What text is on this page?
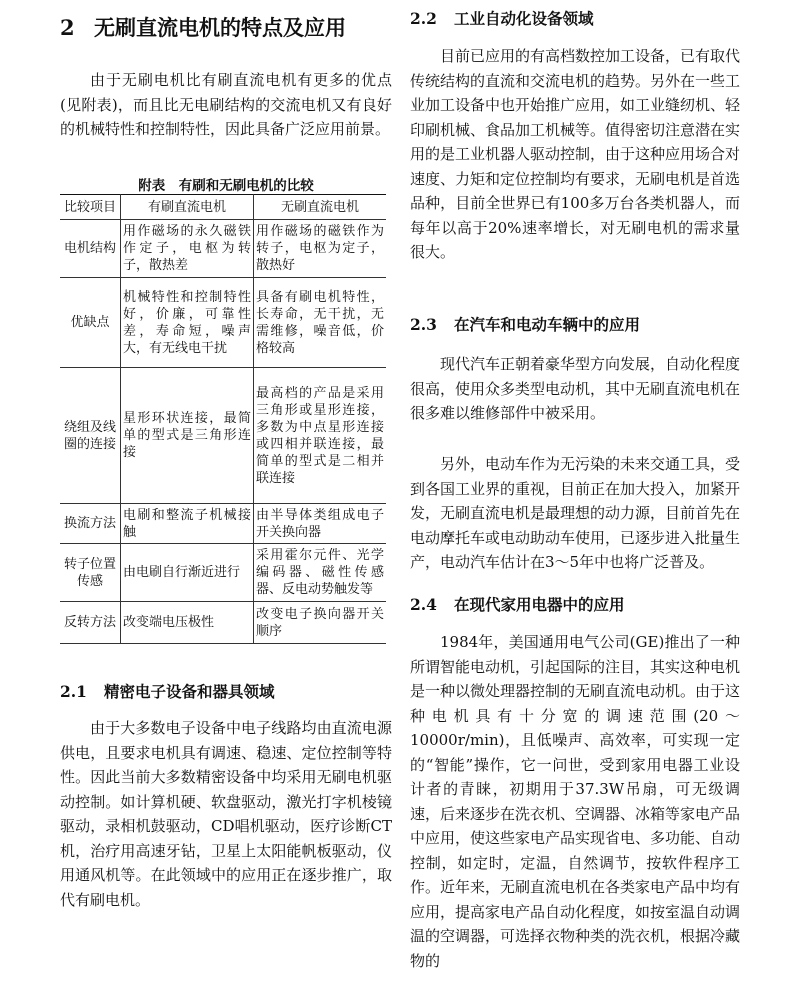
2 无刷直流电机的特点及应用

由于无刷电机比有刷直流电机有更多的优点(见附表)，而且比无电刷结构的交流电机又有良好的机械特性和控制特性，因此具备广泛应用前景。

附表　有刷和无刷电机的比较
比较项目	有刷直流电机	无刷直流电机
电机结构	用作磁场的永久磁铁作定子，电枢为转子，散热差	用作磁场的磁铁作为转子，电枢为定子，散热好
优缺点	机械特性和控制特性好，价廉，可靠性差，寿命短，噪声大，有无线电干扰	具备有刷电机特性，长寿命，无干扰，无需维修，噪音低，价格较高
绕组及线圈的连接	星形环状连接，最简单的型式是三角形连接	最高档的产品是采用三角形或星形连接，多数为中点星形连接或四相并联连接，最简单的型式是二相并联连接
换流方法	电刷和整流子机械接触	由半导体类组成电子开关换向器
转子位置传感	由电刷自行渐近进行	采用霍尔元件、光学编码器、磁性传感器、反电动势触发等
反转方法	改变端电压极性	改变电子换向器开关顺序
2.1 精密电子设备和器具领域

由于大多数电子设备中电子线路均由直流电源供电，且要求电机具有调速、稳速、定位控制等特性。因此当前大多数精密设备中均采用无刷电机驱动控制。如计算机硬、软盘驱动，激光打字机棱镜驱动，录相机鼓驱动，CD唱机驱动，医疗诊断CT机，治疗用高速牙钻，卫星上太阳能帆板驱动，仪用通风机等。在此领域中的应用正在逐步推广，取代有刷电机。

2.2 工业自动化设备领域

目前已应用的有高档数控加工设备，已有取代传统结构的直流和交流电机的趋势。另外在一些工业加工设备中也开始推广应用，如工业缝纫机、轻印刷机械、食品加工机械等。值得密切注意潜在实用的是工业机器人驱动控制，由于这种应用场合对速度、力矩和定位控制均有要求，无刷电机是首选品种，目前全世界已有100多万台各类机器人，而每年以高于20%速率增长，对无刷电机的需求量很大。

2.3 在汽车和电动车辆中的应用

现代汽车正朝着豪华型方向发展，自动化程度很高，使用众多类型电动机，其中无刷直流电机在很多难以维修部件中被采用。

另外，电动车作为无污染的未来交通工具，受到各国工业界的重视，目前正在加大投入，加紧开发，无刷直流电机是最理想的动力源，目前首先在电动摩托车或电动助动车使用，已逐步进入批量生产，电动汽车估计在3～5年中也将广泛普及。

2.4 在现代家用电器中的应用

1984年，美国通用电气公司(GE)推出了一种所谓智能电动机，引起国际的注目，其实这种电机是一种以微处理器控制的无刷直流电动机。由于这种电机具有十分宽的调速范围(20～10000r/min)，且低噪声、高效率，可实现一定的“智能”操作，它一问世，受到家用电器工业设计者的青睐，初期用于37.3W吊扇，可无级调速，后来逐步在洗衣机、空调器、冰箱等家电产品中应用，使这些家电产品实现省电、多功能、自动控制，如定时，定温，自然调节，按软件程序工作。近年来，无刷直流电机在各类家电产品中均有应用，提高家电产品自动化程度，如按室温自动调温的空调器，可选择衣物种类的洗衣机，根据冷藏物的
